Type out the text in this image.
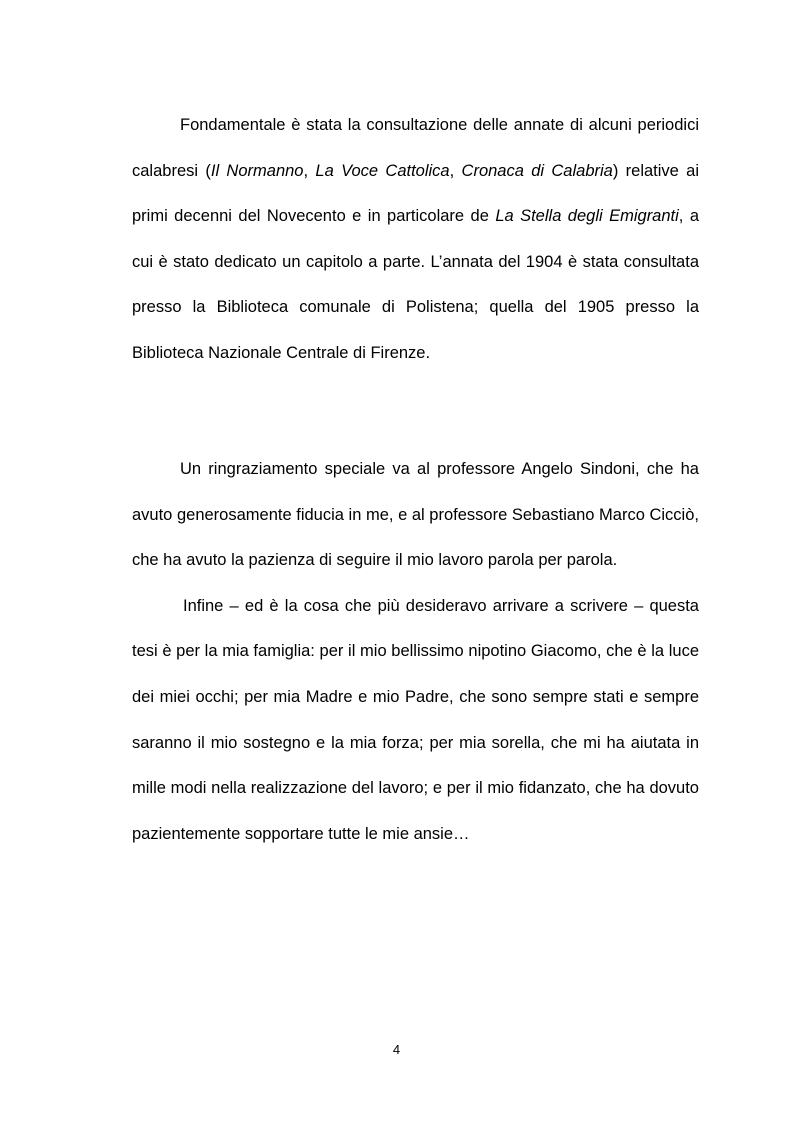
Fondamentale è stata la consultazione delle annate di alcuni periodici calabresi (Il Normanno, La Voce Cattolica, Cronaca di Calabria) relative ai primi decenni del Novecento e in particolare de La Stella degli Emigranti, a cui è stato dedicato un capitolo a parte. L’annata del 1904 è stata consultata presso la Biblioteca comunale di Polistena; quella del 1905 presso la Biblioteca Nazionale Centrale di Firenze.

Un ringraziamento speciale va al professore Angelo Sindoni, che ha avuto generosamente fiducia in me, e al professore Sebastiano Marco Cicciò, che ha avuto la pazienza di seguire il mio lavoro parola per parola.

Infine – ed è la cosa che più desideravo arrivare a scrivere – questa tesi è per la mia famiglia: per il mio bellissimo nipotino Giacomo, che è la luce dei miei occhi; per mia Madre e mio Padre, che sono sempre stati e sempre saranno il mio sostegno e la mia forza; per mia sorella, che mi ha aiutata in mille modi nella realizzazione del lavoro; e per il mio fidanzato, che ha dovuto pazientemente sopportare tutte le mie ansie…

4
